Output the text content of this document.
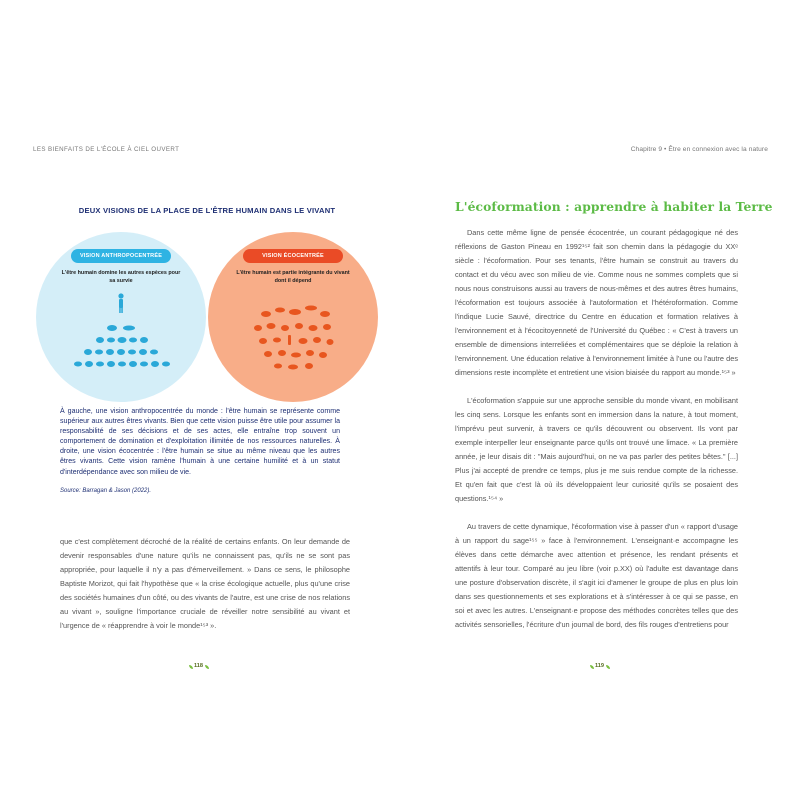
LES BIENFAITS DE L'ÉCOLE À CIEL OUVERT	Chapitre 9 • Être en connexion avec la nature
DEUX VISIONS DE LA PLACE DE L'ÊTRE HUMAIN DANS LE VIVANT
VISION ANTHROPOCENTRÉE
L'être humain domine les autres espèces pour sa survie
VISION ÉCOCENTRÉE
L'être humain est partie intégrante du vivant dont il dépend
À gauche, une vision anthropocentrée du monde : l'être humain se représente comme supérieur aux autres êtres vivants. Bien que cette vision puisse être utile pour assumer la responsabilité de ses décisions et de ses actes, elle entraîne trop souvent un comportement de domination et d'exploitation illimitée de nos ressources naturelles. À droite, une vision écocentrée : l'être humain se situe au même niveau que les autres êtres vivants. Cette vision ramène l'humain à une certaine humilité et à un statut d'interdépendance avec son milieu de vie.
Source: Barragan & Jason (2022).

que c'est complètement décroché de la réalité de certains enfants. On leur demande de devenir responsables d'une nature qu'ils ne connaissent pas, qu'ils ne se sont pas appropriée, pour laquelle il n'y a pas d'émerveillement. » Dans ce sens, le philosophe Baptiste Morizot, qui fait l'hypothèse que « la crise écologique actuelle, plus qu'une crise des sociétés humaines d'un côté, ou des vivants de l'autre, est une crise de nos relations au vivant », souligne l'importance cruciale de réveiller notre sensibilité au vivant et l'urgence de « réapprendre à voir le monde¹⁵³ ».

118
L'écoformation : apprendre à habiter la Terre

Dans cette même ligne de pensée écocentrée, un courant pédagogique né des réflexions de Gaston Pineau en 1992¹⁵² fait son chemin dans la pédagogie du XXᵉ siècle : l'écoformation. Pour ses tenants, l'être humain se construit au travers du contact et du vécu avec son milieu de vie. Comme nous ne sommes complets que si nous nous construisons aussi au travers de nous-mêmes et des autres êtres humains, l'écoformation est toujours associée à l'autoformation et l'hétéroformation. Comme l'indique Lucie Sauvé, directrice du Centre en éducation et formation relatives à l'environnement et à l'écocitoyenneté de l'Université du Québec : « C'est à travers un ensemble de dimensions interreliées et complémentaires que se déploie la relation à l'environnement. Une éducation relative à l'environnement limitée à l'une ou l'autre des dimensions reste incomplète et entretient une vision biaisée du rapport au monde.¹⁵³ »

L'écoformation s'appuie sur une approche sensible du monde vivant, en mobilisant les cinq sens. Lorsque les enfants sont en immersion dans la nature, à tout moment, l'imprévu peut survenir, à travers ce qu'ils découvrent ou observent. Ils vont par exemple interpeller leur enseignante parce qu'ils ont trouvé une limace. « La première année, je leur disais dit : "Mais aujourd'hui, on ne va pas parler des petites bêtes." [...] Plus j'ai accepté de prendre ce temps, plus je me suis rendue compte de la richesse. Et qu'en fait que c'est là où ils développaient leur curiosité qu'ils se posaient des questions.¹⁵⁴ »

Au travers de cette dynamique, l'écoformation vise à passer d'un « rapport d'usage à un rapport du sage¹⁵⁵ » face à l'environnement. L'enseignant·e accompagne les élèves dans cette démarche avec attention et présence, les rendant présents et attentifs à leur tour. Comparé au jeu libre (voir p.XX) où l'adulte est davantage dans une posture d'observation discrète, il s'agit ici d'amener le groupe de plus en plus loin dans ses questionnements et ses explorations et à s'intéresser à ce qui se passe, en soi et avec les autres. L'enseignant·e propose des méthodes concrètes telles que des activités sensorielles, l'écriture d'un journal de bord, des fils rouges d'entretiens pour

119
